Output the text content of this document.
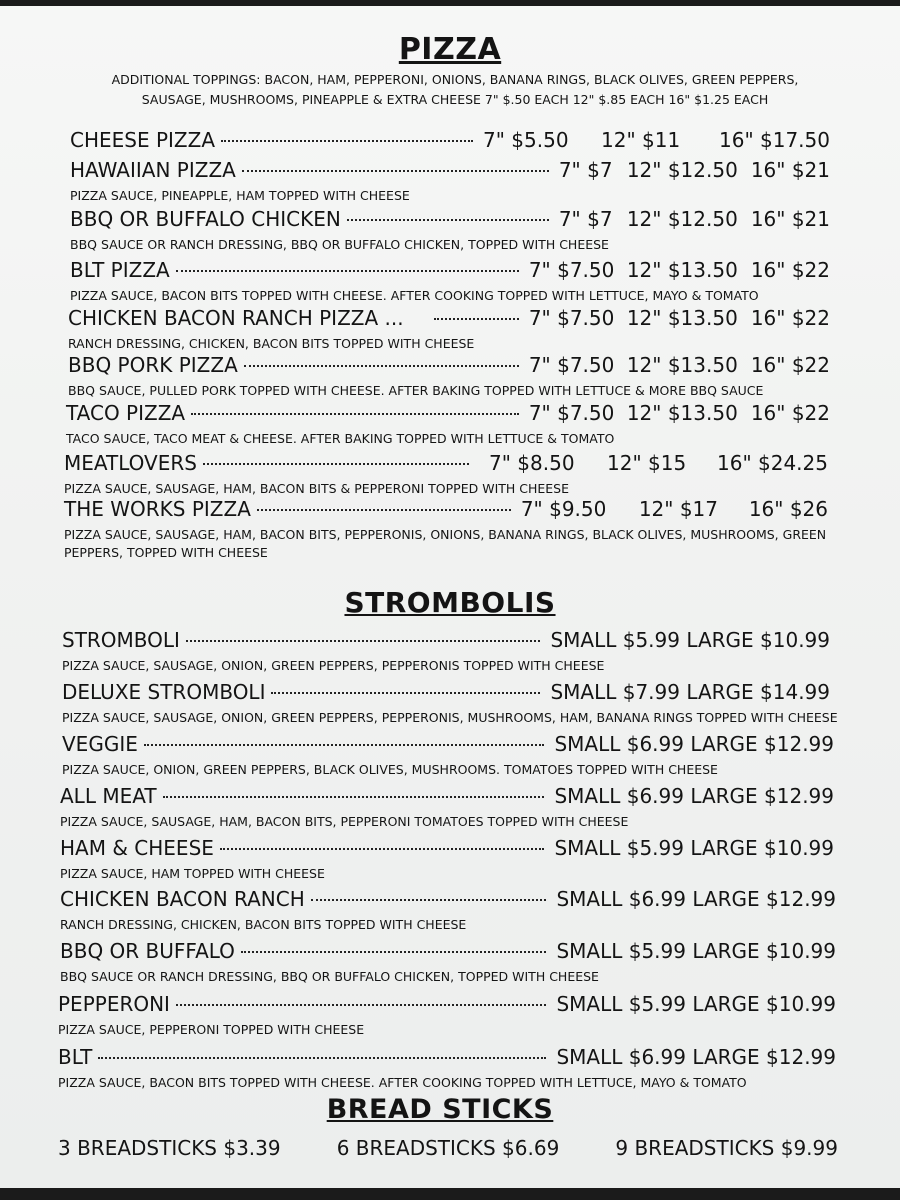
PIZZA

ADDITIONAL TOPPINGS: BACON, HAM, PEPPERONI, ONIONS, BANANA RINGS, BLACK OLIVES, GREEN PEPPERS,

SAUSAGE, MUSHROOMS, PINEAPPLE & EXTRA CHEESE 7" $.50 EACH 12" $.85 EACH 16" $1.25 EACH

CHEESE PIZZA	7" $5.50	12" $11	16" $17.50
HAWAIIAN PIZZA	7" $7 12" $12.50 16" $21
PIZZA SAUCE, PINEAPPLE, HAM TOPPED WITH CHEESE
BBQ OR BUFFALO CHICKEN	7" $7 12" $12.50 16" $21
BBQ SAUCE OR RANCH DRESSING, BBQ OR BUFFALO CHICKEN, TOPPED WITH CHEESE
BLT PIZZA	7" $7.50 12" $13.50 16" $22
PIZZA SAUCE, BACON BITS TOPPED WITH CHEESE. AFTER COOKING TOPPED WITH LETTUCE, MAYO & TOMATO
CHICKEN BACON RANCH PIZZA ...	7" $7.50 12" $13.50 16" $22
RANCH DRESSING, CHICKEN, BACON BITS TOPPED WITH CHEESE
BBQ PORK PIZZA	7" $7.50 12" $13.50 16" $22
BBQ SAUCE, PULLED PORK TOPPED WITH CHEESE. AFTER BAKING TOPPED WITH LETTUCE & MORE BBQ SAUCE
TACO PIZZA	7" $7.50 12" $13.50 16" $22
TACO SAUCE, TACO MEAT & CHEESE. AFTER BAKING TOPPED WITH LETTUCE & TOMATO
MEATLOVERS	7" $8.50	12" $15	16" $24.25
PIZZA SAUCE, SAUSAGE, HAM, BACON BITS & PEPPERONI TOPPED WITH CHEESE
THE WORKS PIZZA	7" $9.50	12" $17	16" $26
PIZZA SAUCE, SAUSAGE, HAM, BACON BITS, PEPPERONIS, ONIONS, BANANA RINGS, BLACK OLIVES, MUSHROOMS, GREEN
PEPPERS, TOPPED WITH CHEESE
STROMBOLIS
STROMBOLI	SMALL $5.99 LARGE $10.99
PIZZA SAUCE, SAUSAGE, ONION, GREEN PEPPERS, PEPPERONIS TOPPED WITH CHEESE
DELUXE STROMBOLI	SMALL $7.99 LARGE $14.99
PIZZA SAUCE, SAUSAGE, ONION, GREEN PEPPERS, PEPPERONIS, MUSHROOMS, HAM, BANANA RINGS TOPPED WITH CHEESE
VEGGIE	SMALL $6.99 LARGE $12.99
PIZZA SAUCE, ONION, GREEN PEPPERS, BLACK OLIVES, MUSHROOMS. TOMATOES TOPPED WITH CHEESE
ALL MEAT	SMALL $6.99 LARGE $12.99
PIZZA SAUCE, SAUSAGE, HAM, BACON BITS, PEPPERONI TOMATOES TOPPED WITH CHEESE
HAM & CHEESE	SMALL $5.99 LARGE $10.99
PIZZA SAUCE, HAM TOPPED WITH CHEESE
CHICKEN BACON RANCH	SMALL $6.99 LARGE $12.99
RANCH DRESSING, CHICKEN, BACON BITS TOPPED WITH CHEESE
BBQ OR BUFFALO	SMALL $5.99 LARGE $10.99
BBQ SAUCE OR RANCH DRESSING, BBQ OR BUFFALO CHICKEN, TOPPED WITH CHEESE
PEPPERONI	SMALL $5.99 LARGE $10.99
PIZZA SAUCE, PEPPERONI TOPPED WITH CHEESE
BLT	SMALL $6.99 LARGE $12.99
PIZZA SAUCE, BACON BITS TOPPED WITH CHEESE. AFTER COOKING TOPPED WITH LETTUCE, MAYO & TOMATO
BREAD STICKS
3 BREADSTICKS $3.39	6 BREADSTICKS $6.69	9 BREADSTICKS $9.99
